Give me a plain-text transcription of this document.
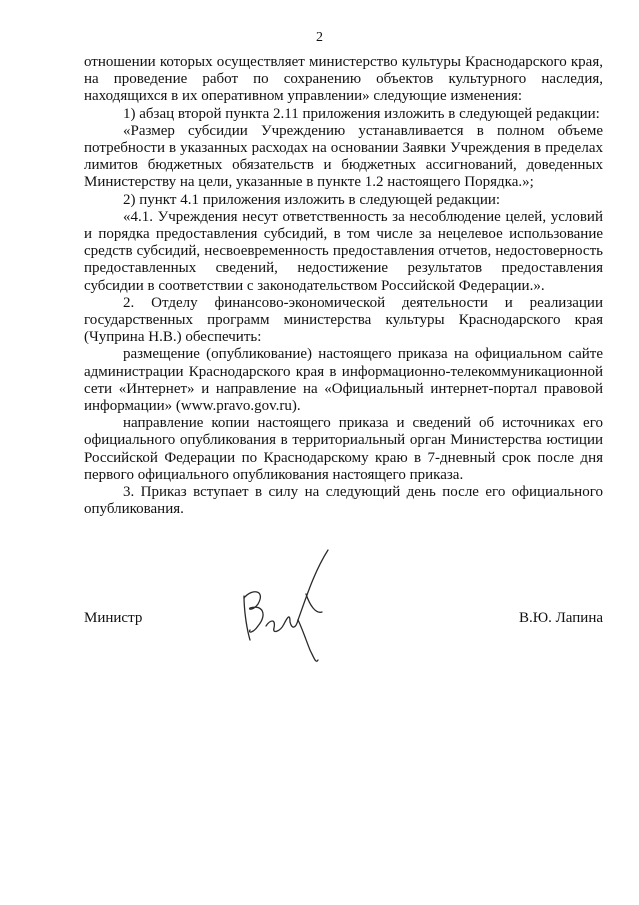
2

отношении которых осуществляет министерство культуры Краснодарского края, на проведение работ по сохранению объектов культурного наследия, находящихся в их оперативном управлении» следующие изменения:

1) абзац второй пункта 2.11 приложения изложить в следующей редакции:

«Размер субсидии Учреждению устанавливается в полном объеме потребности в указанных расходах на основании Заявки Учреждения в пределах лимитов бюджетных обязательств и бюджетных ассигнований, доведенных Министерству на цели, указанные в пункте 1.2 настоящего Порядка.»;

2) пункт 4.1 приложения изложить в следующей редакции:

«4.1. Учреждения несут ответственность за несоблюдение целей, условий и порядка предоставления субсидий, в том числе за нецелевое использование средств субсидий, несвоевременность предоставления отчетов, недостоверность предоставленных сведений, недостижение результатов предоставления субсидии в соответствии с законодательством Российской Федерации.».

2. Отделу финансово-экономической деятельности и реализации государственных программ министерства культуры Краснодарского края (Чуприна Н.В.) обеспечить:

размещение (опубликование) настоящего приказа на официальном сайте администрации Краснодарского края в информационно-телекоммуникационной сети «Интернет» и направление на «Официальный интернет-портал правовой информации» (www.pravo.gov.ru).

направление копии настоящего приказа и сведений об источниках его официального опубликования в территориальный орган Министерства юстиции Российской Федерации по Краснодарскому краю в 7-дневный срок после дня первого официального опубликования настоящего приказа.

3. Приказ вступает в силу на следующий день после его официального опубликования.

Министр	В.Ю. Лапина
